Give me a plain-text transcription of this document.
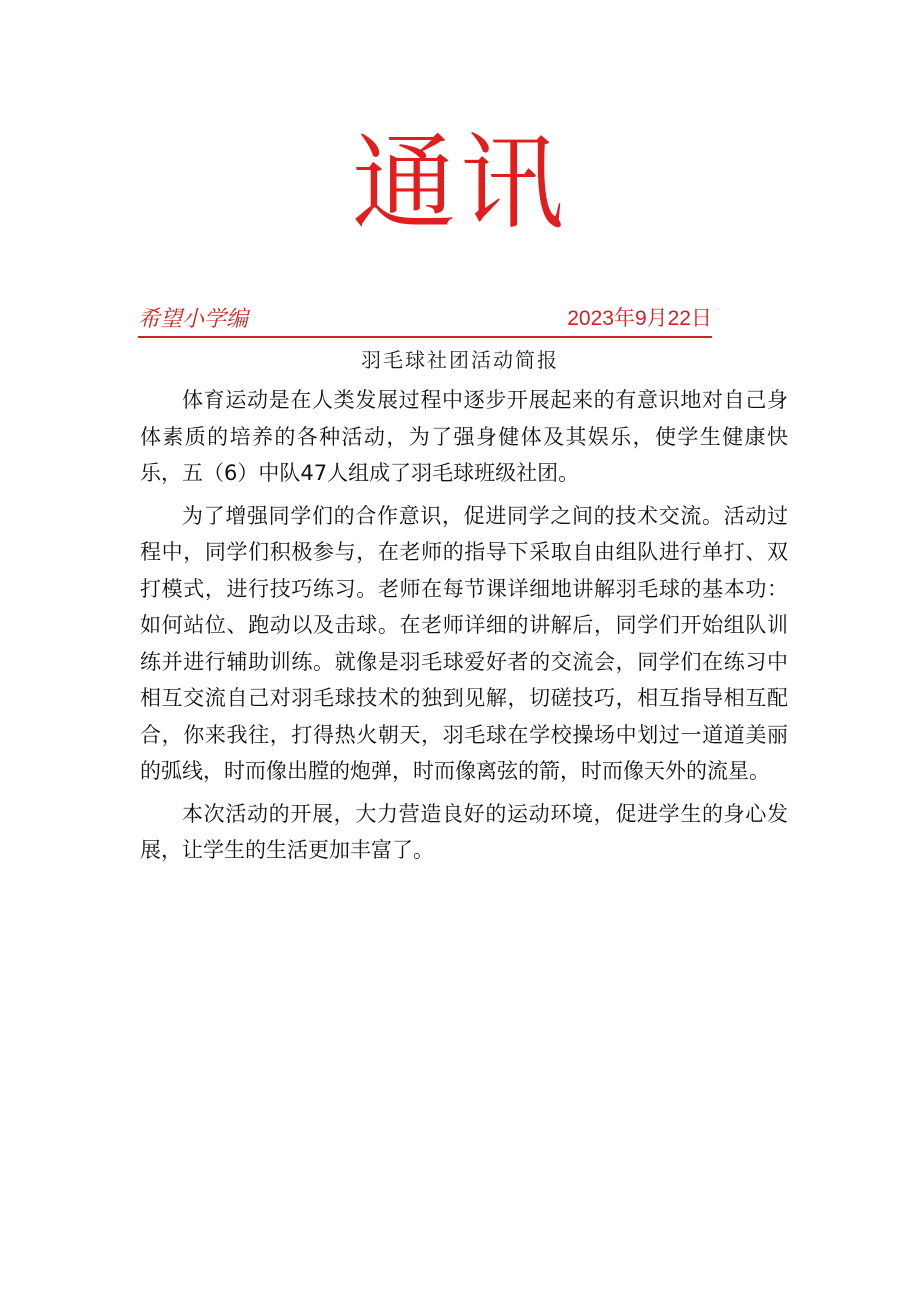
通讯
希望小学编	2023年9月22日
羽毛球社团活动简报

体育运动是在人类发展过程中逐步开展起来的有意识地对自己身体素质的培养的各种活动，为了强身健体及其娱乐，使学生健康快乐，五（6）中队47人组成了羽毛球班级社团。

为了增强同学们的合作意识，促进同学之间的技术交流。活动过程中，同学们积极参与，在老师的指导下采取自由组队进行单打、双打模式，进行技巧练习。老师在每节课详细地讲解羽毛球的基本功：如何站位、跑动以及击球。在老师详细的讲解后，同学们开始组队训练并进行辅助训练。就像是羽毛球爱好者的交流会，同学们在练习中相互交流自己对羽毛球技术的独到见解，切磋技巧，相互指导相互配合，你来我往，打得热火朝天，羽毛球在学校操场中划过一道道美丽的弧线，时而像出膛的炮弹，时而像离弦的箭，时而像天外的流星。

本次活动的开展，大力营造良好的运动环境，促进学生的身心发展，让学生的生活更加丰富了。
